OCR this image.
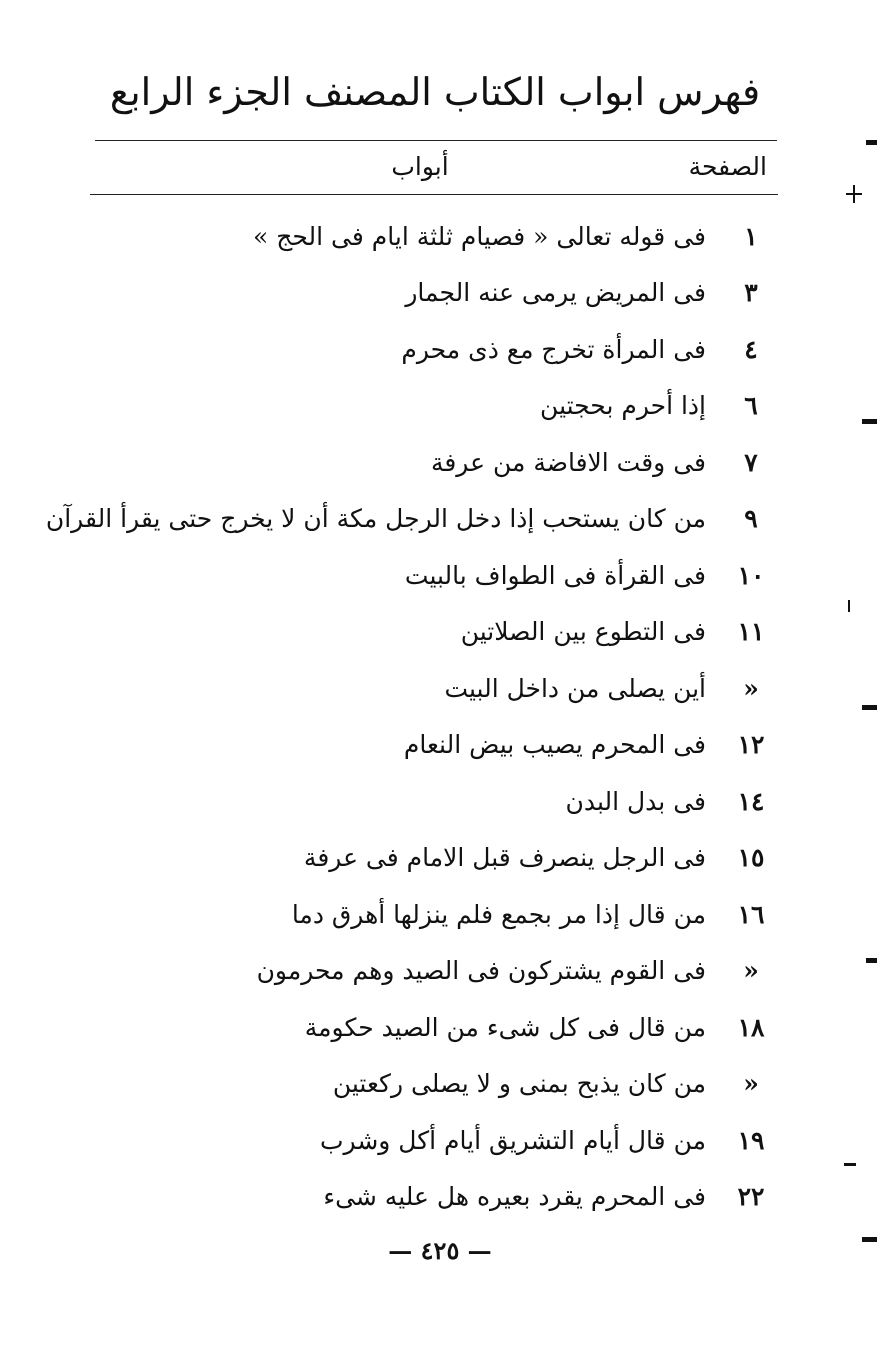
فهرس ابواب الكتاب المصنف الجزء الرابع
الصفحة
أبواب
١
فى قوله تعالى « فصيام ثلثة ايام فى الحج »
٣
فى المريض يرمى عنه الجمار
٤
فى المرأة تخرج مع ذى محرم
٦
إذا أحرم بحجتين
٧
فى وقت الافاضة من عرفة
٩
من كان يستحب إذا دخل الرجل مكة أن لا يخرج حتى يقرأ القرآن
١٠
فى القرأة فى الطواف بالبيت
١١
فى التطوع بين الصلاتين
«
أين يصلى من داخل البيت
١٢
فى المحرم يصيب بيض النعام
١٤
فى بدل البدن
١٥
فى الرجل ينصرف قبل الامام فى عرفة
١٦
من قال إذا مر بجمع فلم ينزلها أهرق دما
«
فى القوم يشتركون فى الصيد وهم محرمون
١٨
من قال فى كل شىء من الصيد حكومة
«
من كان يذبح بمنى و لا يصلى ركعتين
١٩
من قال أيام التشريق أيام أكل وشرب
٢٢
فى المحرم يقرد بعيره هل عليه شىء
— ٤٢٥ —
